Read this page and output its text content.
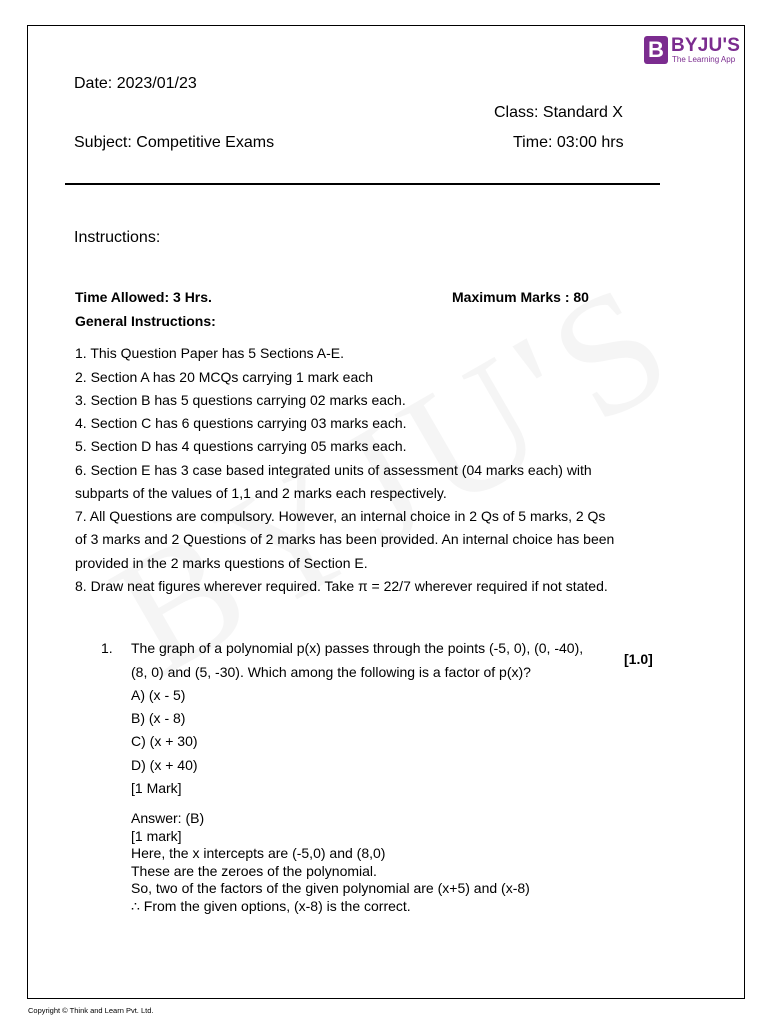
B BYJU'S
The Learning App
Date: 2023/01/23
Class: Standard X
Subject: Competitive Exams	Time: 03:00 hrs
Instructions:
Time Allowed: 3 Hrs.	Maximum Marks : 80
General Instructions:
1. This Question Paper has 5 Sections A-E.
2. Section A has 20 MCQs carrying 1 mark each
3. Section B has 5 questions carrying 02 marks each.
4. Section C has 6 questions carrying 03 marks each.
5. Section D has 4 questions carrying 05 marks each.
6. Section E has 3 case based integrated units of assessment (04 marks each) with
subparts of the values of 1,1 and 2 marks each respectively.
7. All Questions are compulsory. However, an internal choice in 2 Qs of 5 marks, 2 Qs
of 3 marks and 2 Questions of 2 marks has been provided. An internal choice has been
provided in the 2 marks questions of Section E.
8. Draw neat figures wherever required. Take π = 22/7 wherever required if not stated.
1. The graph of a polynomial p(x) passes through the points (-5, 0), (0, -40),
(8, 0) and (5, -30). Which among the following is a factor of p(x)?
[1.0]
A) (x - 5)
B) (x - 8)
C) (x + 30)
D) (x + 40)
[1 Mark]
Answer: (B)
[1 mark]
Here, the x intercepts are (-5,0) and (8,0)
These are the zeroes of the polynomial.
So, two of the factors of the given polynomial are (x+5) and (x-8)
∴ From the given options, (x-8) is the correct.
Copyright © Think and Learn Pvt. Ltd.
